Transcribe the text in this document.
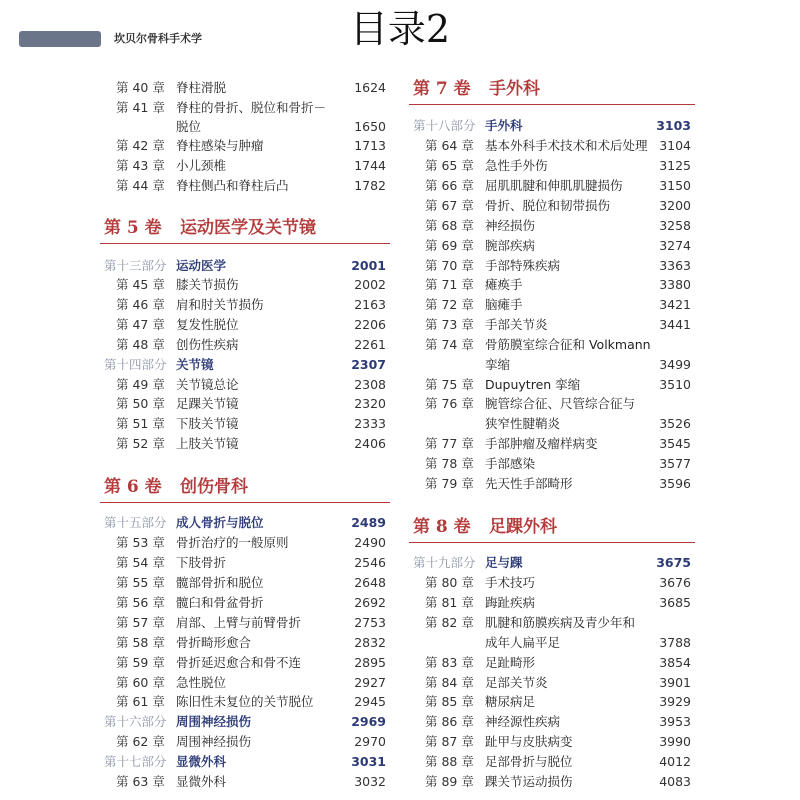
坎贝尔骨科手术学	目录2
第 40 章 脊柱滑脱	1624
第 41 章 脊柱的骨折、脱位和骨折－
脱位	1650
第 42 章 脊柱感染与肿瘤	1713
第 43 章 小儿颈椎	1744
第 44 章 脊柱侧凸和脊柱后凸	1782
第 5 卷 运动医学及关节镜
第十三部分 运动医学	2001
第 45 章 膝关节损伤	2002
第 46 章 肩和肘关节损伤	2163
第 47 章 复发性脱位	2206
第 48 章 创伤性疾病	2261
第十四部分 关节镜	2307
第 49 章 关节镜总论	2308
第 50 章 足踝关节镜	2320
第 51 章 下肢关节镜	2333
第 52 章 上肢关节镜	2406
第 6 卷 创伤骨科
第十五部分 成人骨折与脱位	2489
第 53 章 骨折治疗的一般原则	2490
第 54 章 下肢骨折	2546
第 55 章 髋部骨折和脱位	2648
第 56 章 髋臼和骨盆骨折	2692
第 57 章 肩部、上臂与前臂骨折	2753
第 58 章 骨折畸形愈合	2832
第 59 章 骨折延迟愈合和骨不连	2895
第 60 章 急性脱位	2927
第 61 章 陈旧性未复位的关节脱位	2945
第十六部分 周围神经损伤	2969
第 62 章 周围神经损伤	2970
第十七部分 显微外科	3031
第 63 章 显微外科	3032
第 7 卷 手外科
第十八部分 手外科	3103
第 64 章 基本外科手术技术和术后处理 3104
第 65 章 急性手外伤	3125
第 66 章 屈肌肌腱和伸肌肌腱损伤	3150
第 67 章 骨折、脱位和韧带损伤	3200
第 68 章 神经损伤	3258
第 69 章 腕部疾病	3274
第 70 章 手部特殊疾病	3363
第 71 章 瘫痪手	3380
第 72 章 脑瘫手	3421
第 73 章 手部关节炎	3441
第 74 章 骨筋膜室综合征和 Volkmann
挛缩	3499
第 75 章 Dupuytren 挛缩	3510
第 76 章 腕管综合征、尺管综合征与
狭窄性腱鞘炎	3526
第 77 章 手部肿瘤及瘤样病变	3545
第 78 章 手部感染	3577
第 79 章 先天性手部畸形	3596
第 8 卷 足踝外科
第十九部分 足与踝	3675
第 80 章 手术技巧	3676
第 81 章 踇趾疾病	3685
第 82 章 肌腱和筋膜疾病及青少年和
成年人扁平足	3788
第 83 章 足趾畸形	3854
第 84 章 足部关节炎	3901
第 85 章 糖尿病足	3929
第 86 章 神经源性疾病	3953
第 87 章 趾甲与皮肤病变	3990
第 88 章 足部骨折与脱位	4012
第 89 章 踝关节运动损伤	4083
